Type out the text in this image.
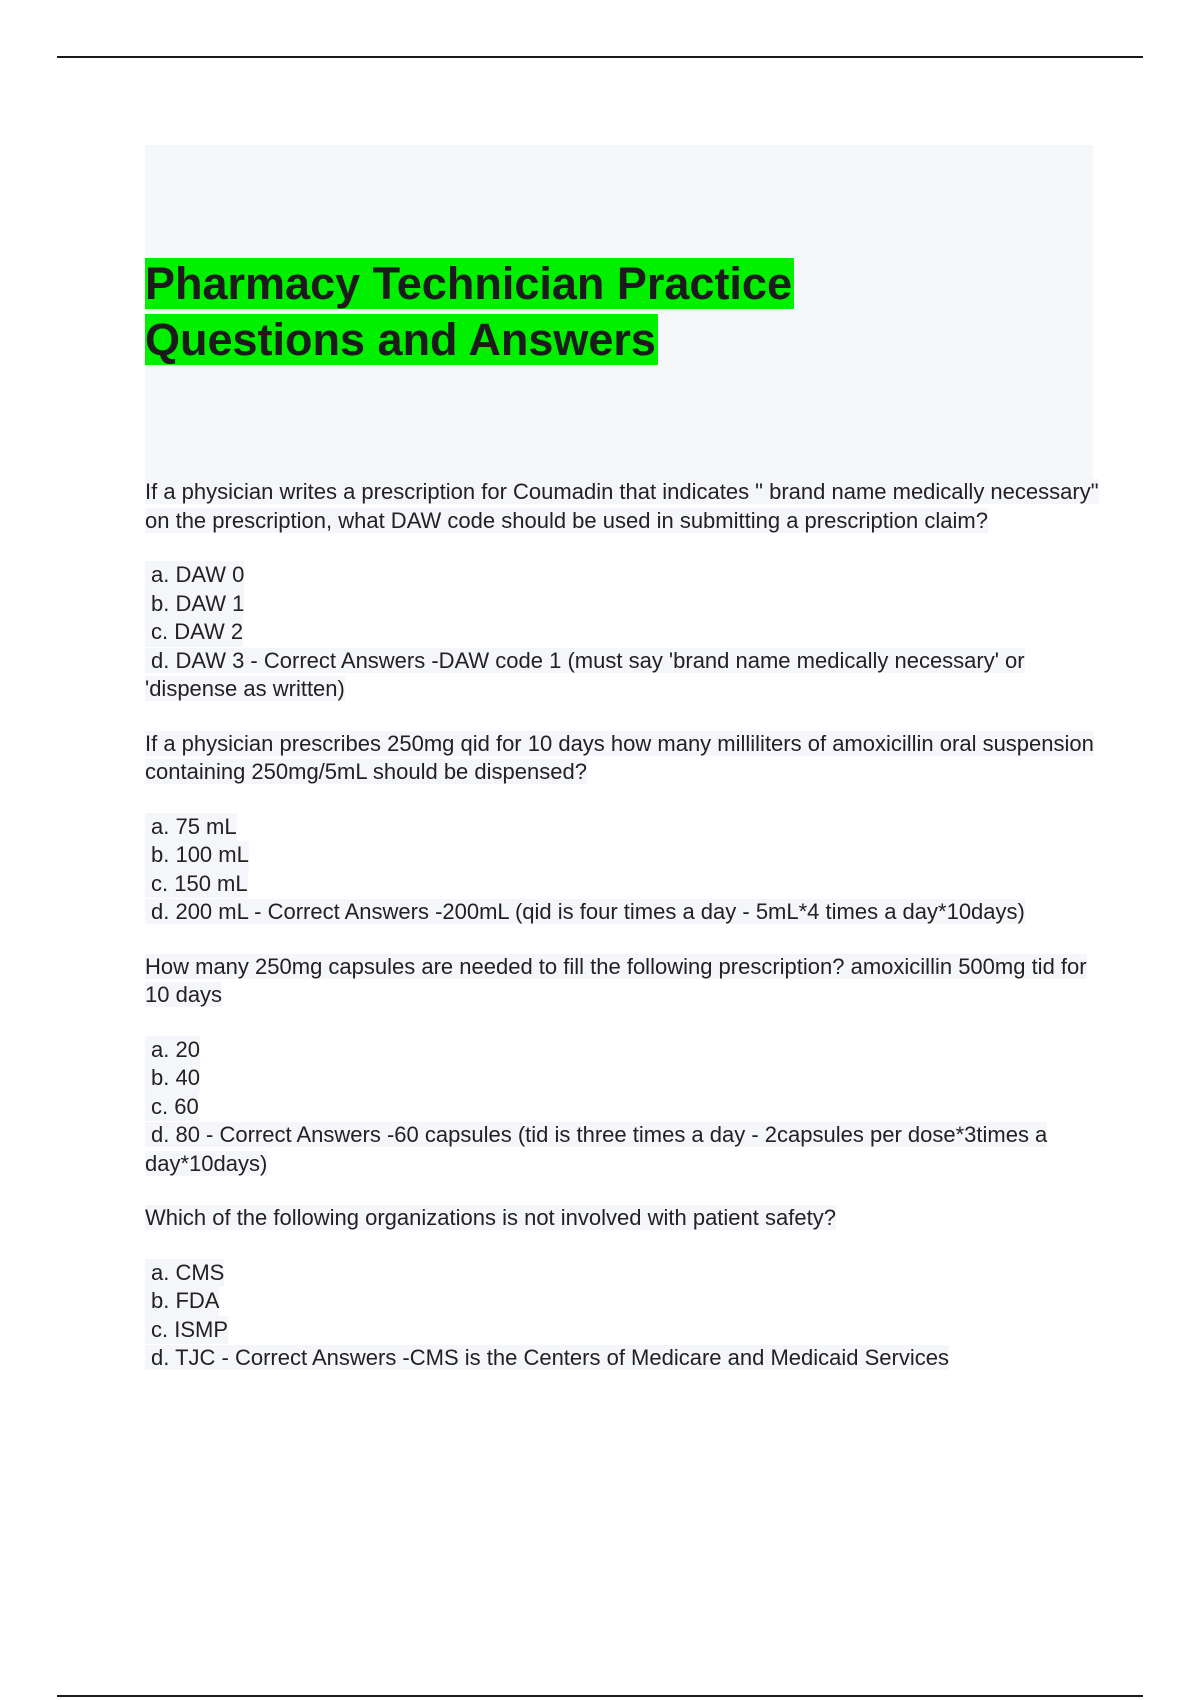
Pharmacy Technician Practice
Questions and Answers
If a physician writes a prescription for Coumadin that indicates " brand name medically necessary" on the prescription, what DAW code should be used in submitting a prescription claim?
a. DAW 0
b. DAW 1
c. DAW 2
d. DAW 3 - Correct Answers -DAW code 1 (must say 'brand name medically necessary' or 'dispense as written)
If a physician prescribes 250mg qid for 10 days how many milliliters of amoxicillin oral suspension containing 250mg/5mL should be dispensed?
a. 75 mL
b. 100 mL
c. 150 mL
d. 200 mL - Correct Answers -200mL (qid is four times a day - 5mL*4 times a day*10days)
How many 250mg capsules are needed to fill the following prescription? amoxicillin 500mg tid for 10 days
a. 20
b. 40
c. 60
d. 80 - Correct Answers -60 capsules (tid is three times a day - 2capsules per dose*3times a day*10days)
Which of the following organizations is not involved with patient safety?
a. CMS
b. FDA
c. ISMP
d. TJC - Correct Answers -CMS is the Centers of Medicare and Medicaid Services
